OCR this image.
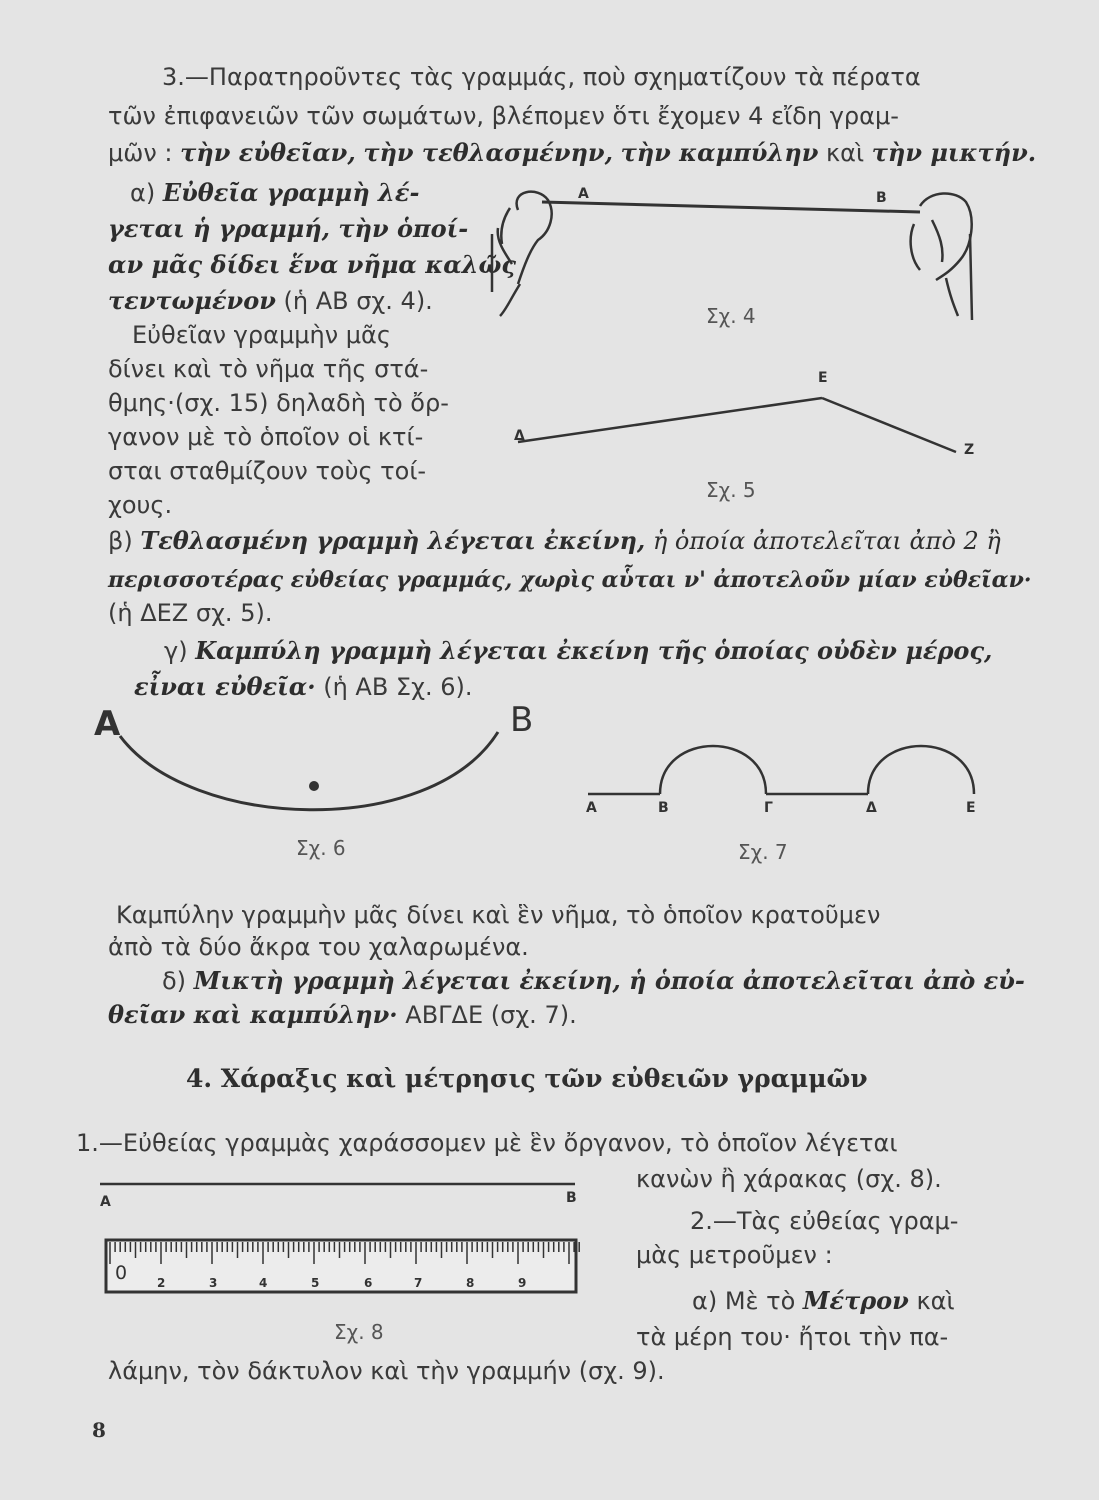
3.—Παρατηροῦντες τὰς γραμμάς, ποὺ σχηματίζουν τὰ πέρατα
τῶν ἐπιφανειῶν τῶν σωμάτων, βλέπομεν ὅτι ἔχομεν 4 εἴδη γραμ-
μῶν : τὴν εὐθεῖαν, τὴν τεθλασμένην, τὴν καμπύλην καὶ τὴν μικτήν.
α) Εὐθεῖα γραμμὴ λέ-
γεται ἡ γραμμή, τὴν ὁποί-
αν μᾶς δίδει ἕνα νῆμα καλῶς
τεντωμένον (ἡ ΑΒ σχ. 4).
Εὐθεῖαν γραμμὴν μᾶς
δίνει καὶ τὸ νῆμα τῆς στά-
θμης·(σχ. 15) δηλαδὴ τὸ ὄρ-
γανον μὲ τὸ ὁποῖον οἱ κτί-
σται σταθμίζουν τοὺς τοί-
χους.
Α	Β
Σχ. 4
Δ
Ε
Ζ
Σχ. 5
β) Τεθλασμένη γραμμὴ λέγεται ἐκείνη, ἡ ὁποία ἀποτελεῖται ἀπὸ 2 ἢ
περισσοτέρας εὐθείας γραμμάς, χωρὶς αὗται ν' ἀποτελοῦν μίαν εὐθεῖαν·
(ἡ ΔΕΖ σχ. 5).
γ) Καμπύλη γραμμὴ λέγεται ἐκείνη τῆς ὁποίας οὐδὲν μέρος,
εἶναι εὐθεῖα· (ἡ ΑΒ Σχ. 6).
Α	Β
Σχ. 6
Α	Β	Γ	Δ	Ε
Σχ. 7
Καμπύλην γραμμὴν μᾶς δίνει καὶ ἓν νῆμα, τὸ ὁποῖον κρατοῦμεν
ἀπὸ τὰ δύο ἄκρα του χαλαρωμένα.
δ) Μικτὴ γραμμὴ λέγεται ἐκείνη, ἡ ὁποία ἀποτελεῖται ἀπὸ εὐ-
θεῖαν καὶ καμπύλην· ΑΒΓΔΕ (σχ. 7).
4. Χάραξις καὶ μέτρησις τῶν εὐθειῶν γραμμῶν
1.—Εὐθείας γραμμὰς χαράσσομεν μὲ ἓν ὄργανον, τὸ ὁποῖον λέγεται
κανὼν ἢ χάρακας (σχ. 8).
2.—Τὰς εὐθείας γραμ-
μὰς μετροῦμεν :
α) Μὲ τὸ Μέτρον καὶ
τὰ μέρη του· ἤτοι τὴν πα-
λάμην, τὸν δάκτυλον καὶ τὴν γραμμήν (σχ. 9).
Α	Β
0 2	3	4	5	6	7	8	9
Σχ. 8
8
